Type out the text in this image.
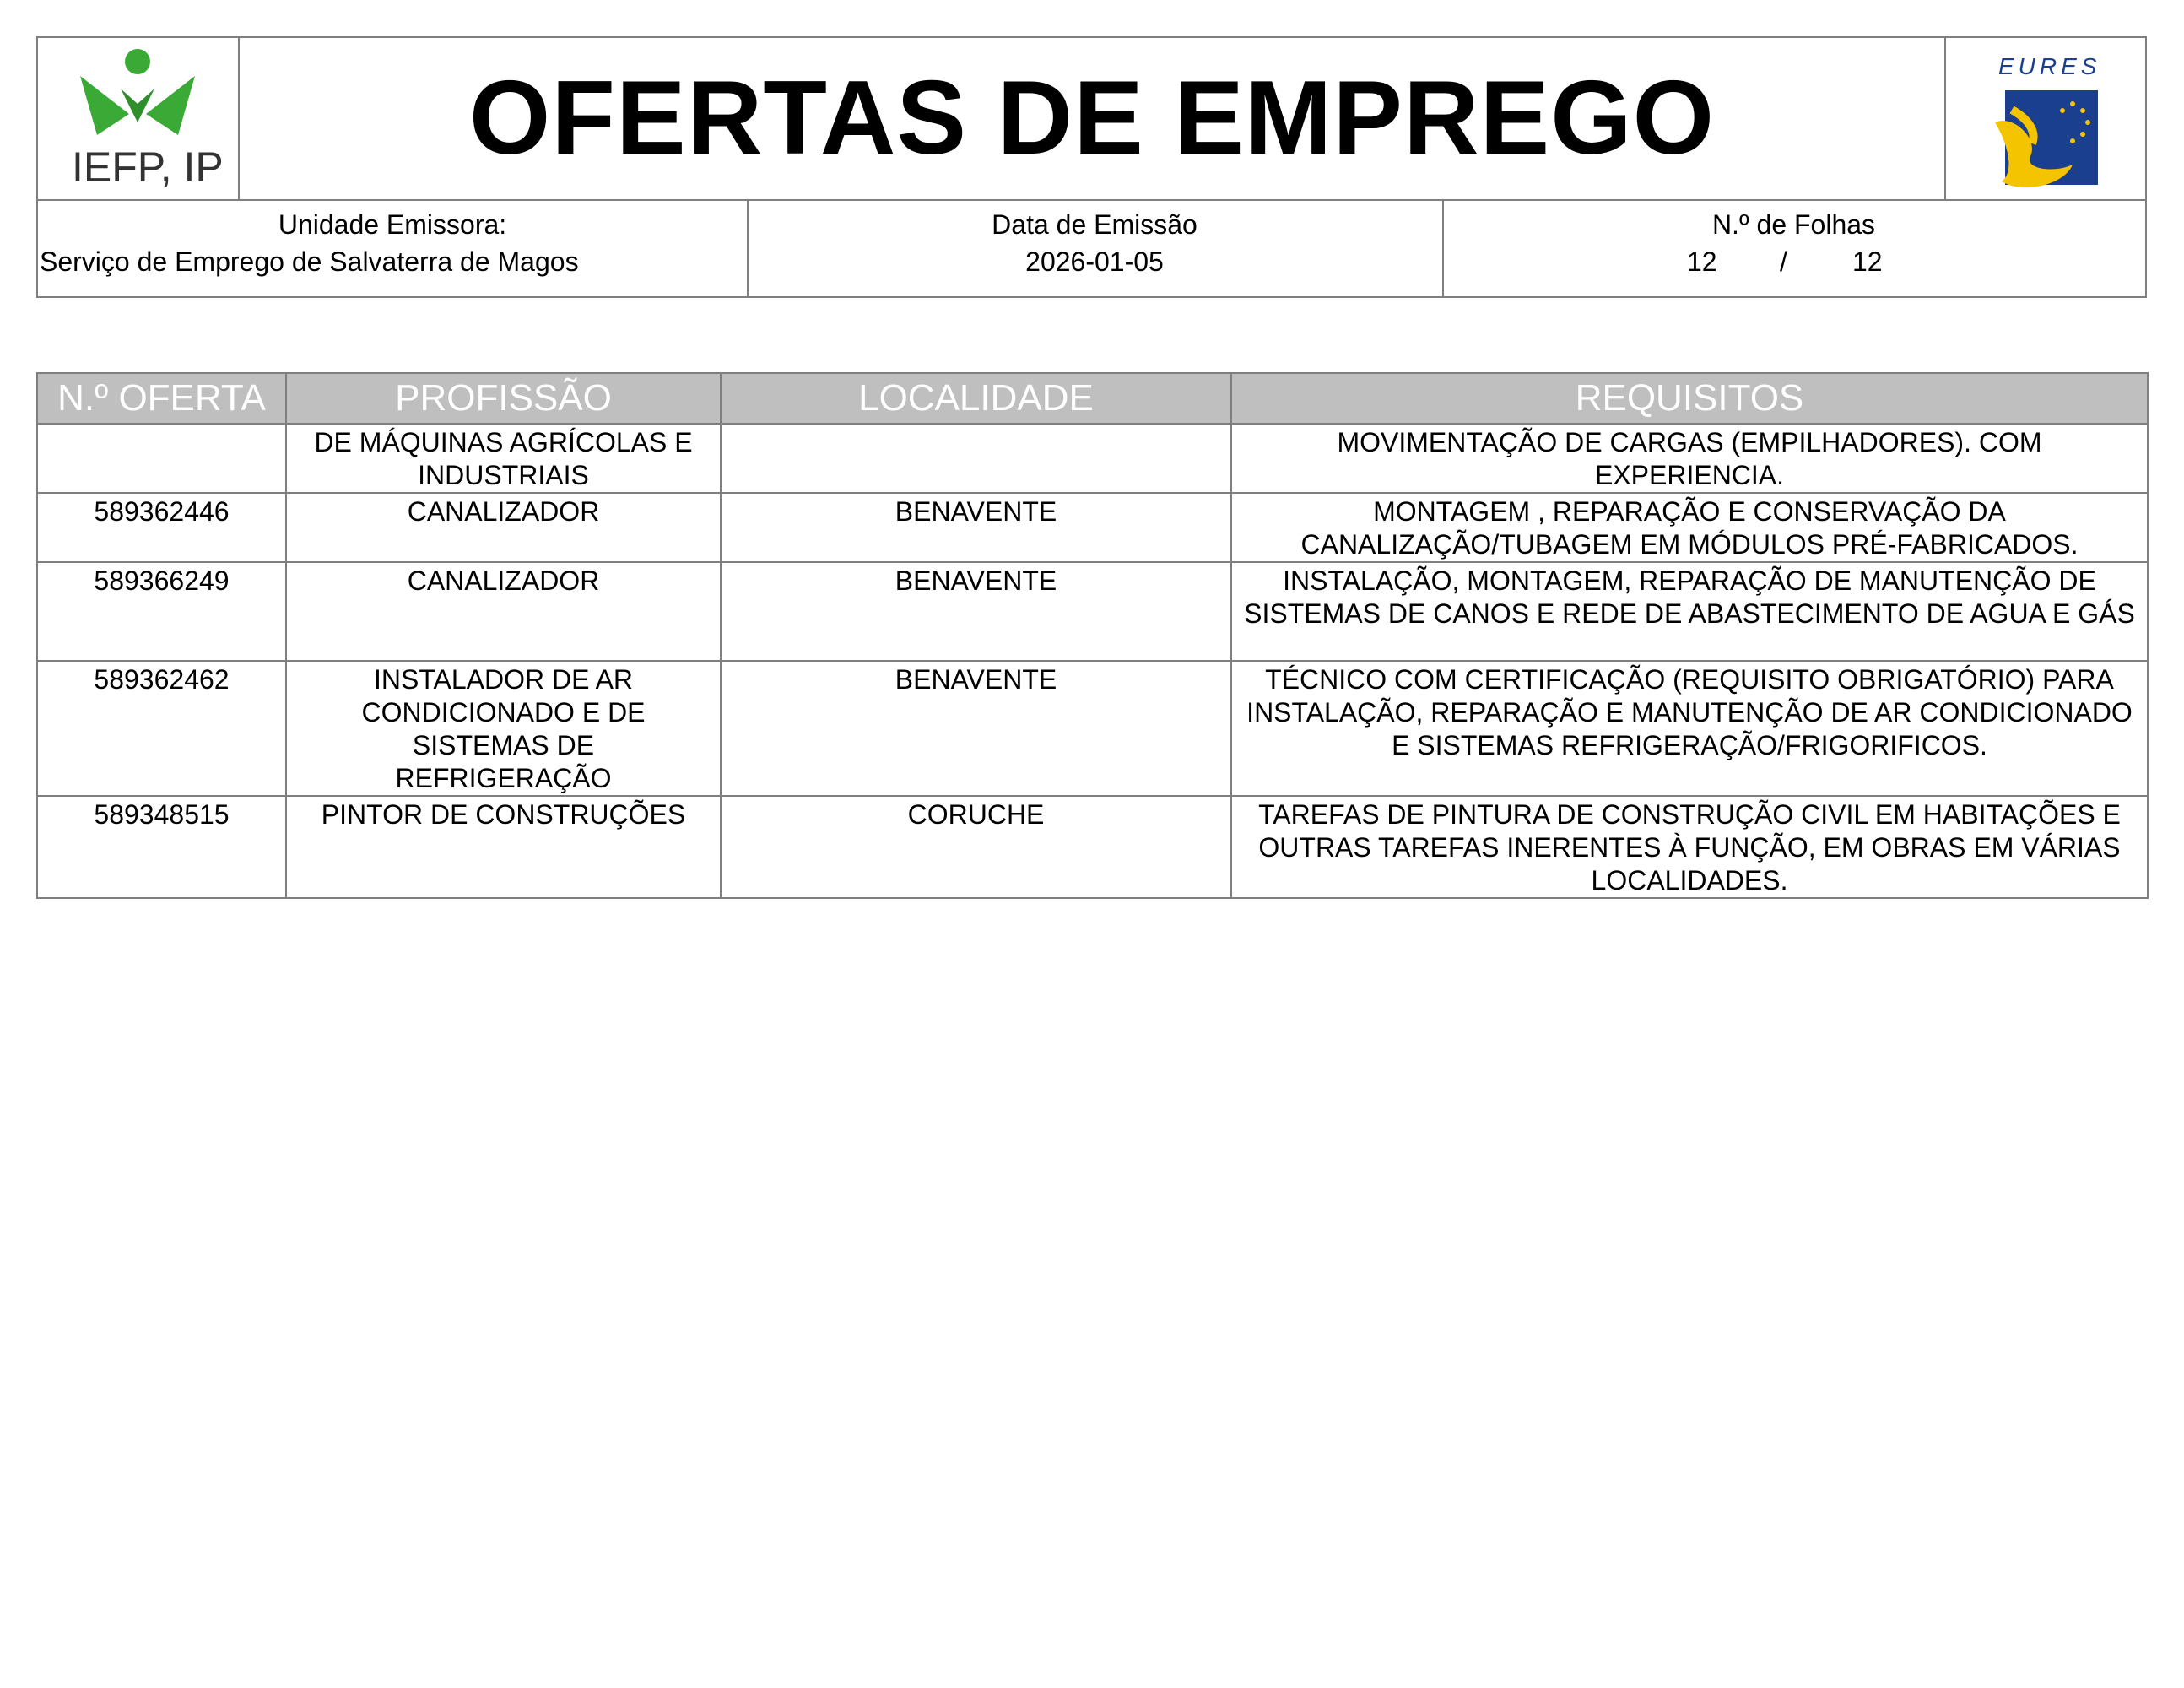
IEFP, IP	OFERTAS DE EMPREGO	EURES
Unidade Emissora:
Serviço de Emprego de Salvaterra de Magos
Data de Emissão
2026-01-05
N.º de Folhas
12 / 12
N.º OFERTA	PROFISSÃO	LOCALIDADE	REQUISITOS
	DE MÁQUINAS AGRÍCOLAS E INDUSTRIAIS		MOVIMENTAÇÃO DE CARGAS (EMPILHADORES). COM EXPERIENCIA.
589362446	CANALIZADOR	BENAVENTE	MONTAGEM , REPARAÇÃO E CONSERVAÇÃO DA CANALIZAÇÃO/TUBAGEM EM MÓDULOS PRÉ-FABRICADOS.
589366249	CANALIZADOR	BENAVENTE	INSTALAÇÃO, MONTAGEM, REPARAÇÃO DE MANUTENÇÃO DE SISTEMAS DE CANOS E REDE DE ABASTECIMENTO DE AGUA E GÁS
589362462	INSTALADOR DE AR CONDICIONADO E DE SISTEMAS DE REFRIGERAÇÃO	BENAVENTE	TÉCNICO COM CERTIFICAÇÃO (REQUISITO OBRIGATÓRIO) PARA INSTALAÇÃO, REPARAÇÃO E MANUTENÇÃO DE AR CONDICIONADO E SISTEMAS REFRIGERAÇÃO/FRIGORIFICOS.
589348515	PINTOR DE CONSTRUÇÕES	CORUCHE	TAREFAS DE PINTURA DE CONSTRUÇÃO CIVIL EM HABITAÇÕES E OUTRAS TAREFAS INERENTES À FUNÇÃO, EM OBRAS EM VÁRIAS LOCALIDADES.
